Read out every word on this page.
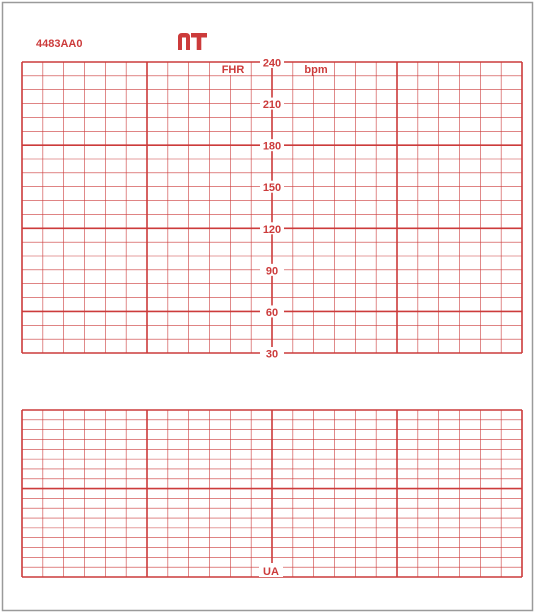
4483AA0
FHR	bpm
240
210
180
150
120
90
60
30
UA
